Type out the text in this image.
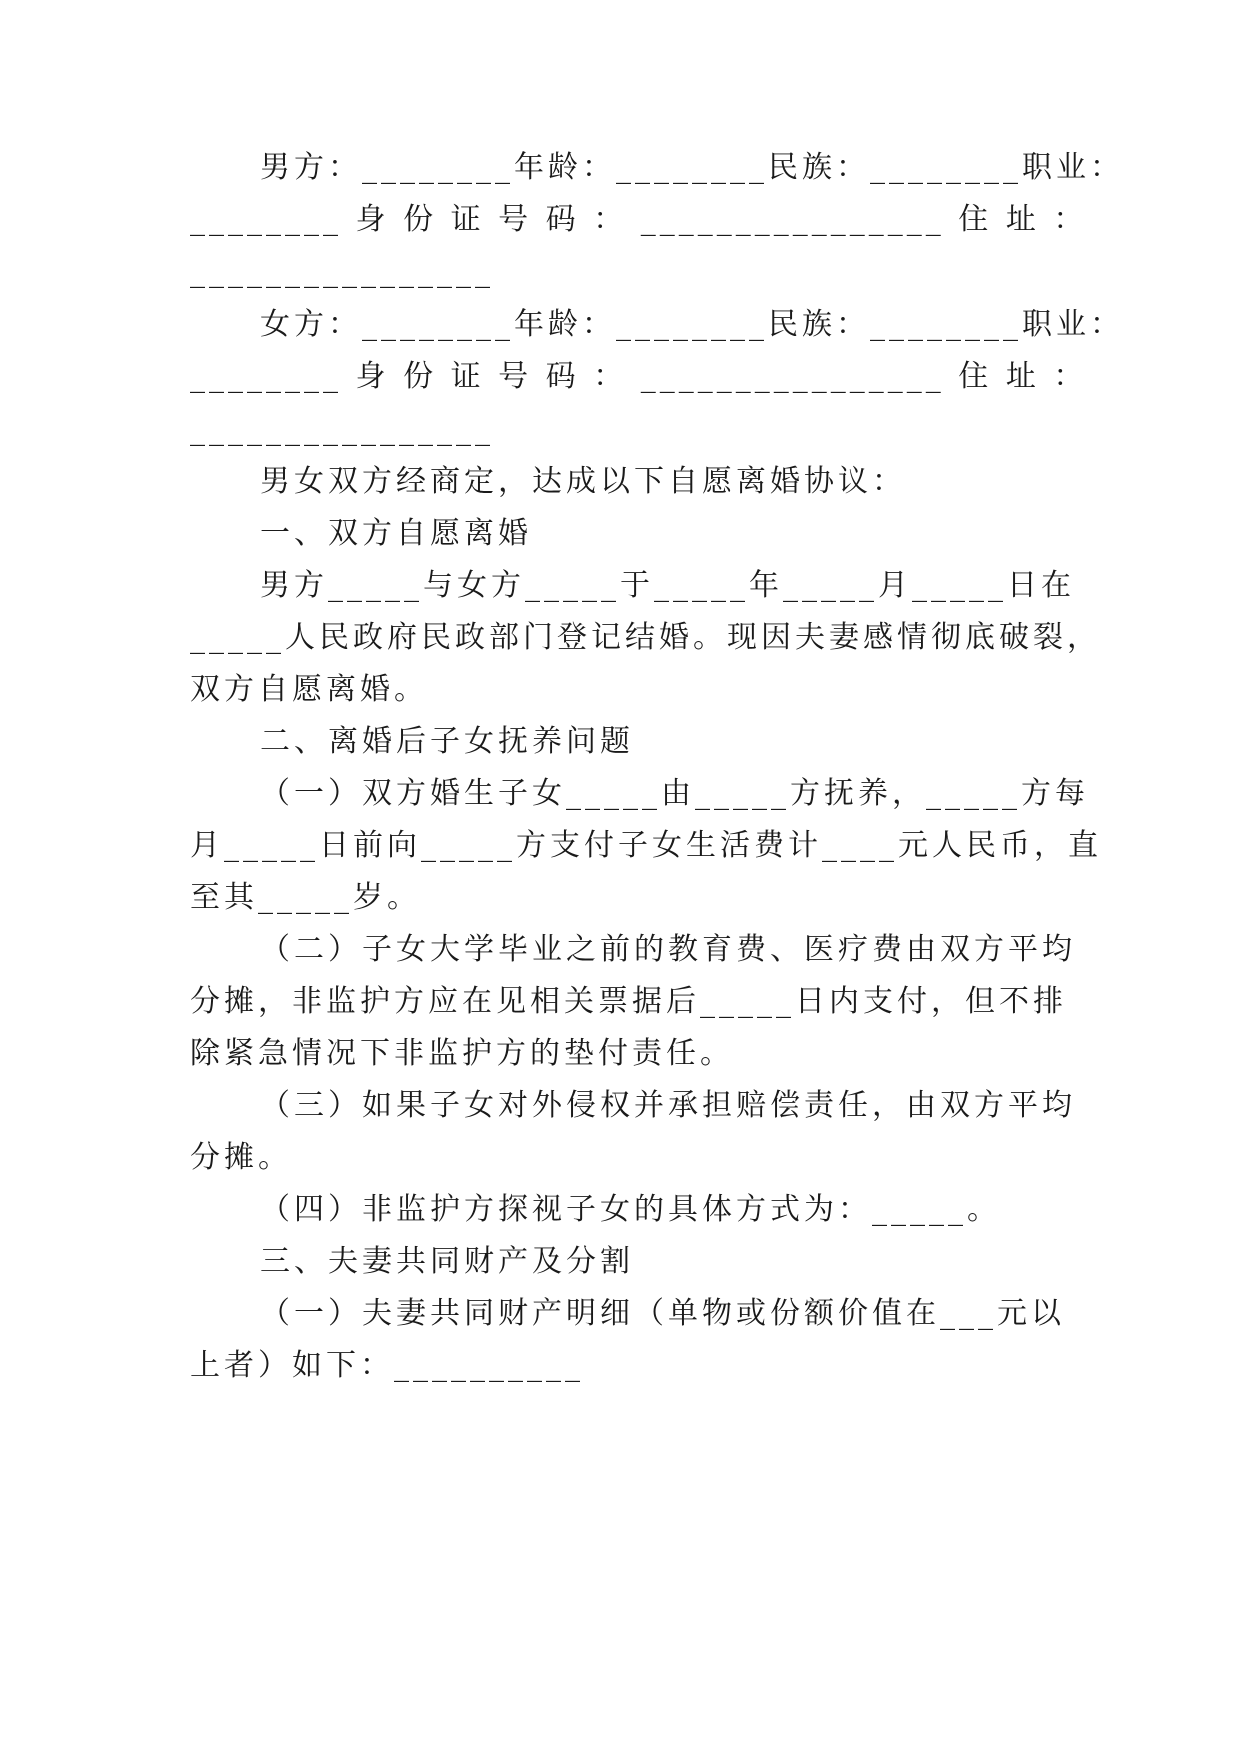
男方：________年龄：________民族：________职业：
________ 身 份 证 号 码 ： ________________ 住 址 ：
________________
女方：________年龄：________民族：________职业：
________ 身 份 证 号 码 ： ________________ 住 址 ：
________________
男女双方经商定，达成以下自愿离婚协议：
一、双方自愿离婚
男方_____与女方_____于_____年_____月_____日在
_____人民政府民政部门登记结婚。现因夫妻感情彻底破裂，
双方自愿离婚。
二、离婚后子女抚养问题
（一）双方婚生子女_____由_____方抚养，_____方每
月_____日前向_____方支付子女生活费计____元人民币，直
至其_____岁。
（二）子女大学毕业之前的教育费、医疗费由双方平均
分摊，非监护方应在见相关票据后_____日内支付，但不排
除紧急情况下非监护方的垫付责任。
（三）如果子女对外侵权并承担赔偿责任，由双方平均
分摊。
（四）非监护方探视子女的具体方式为：_____。
三、夫妻共同财产及分割
（一）夫妻共同财产明细（单物或份额价值在___元以
上者）如下：__________
